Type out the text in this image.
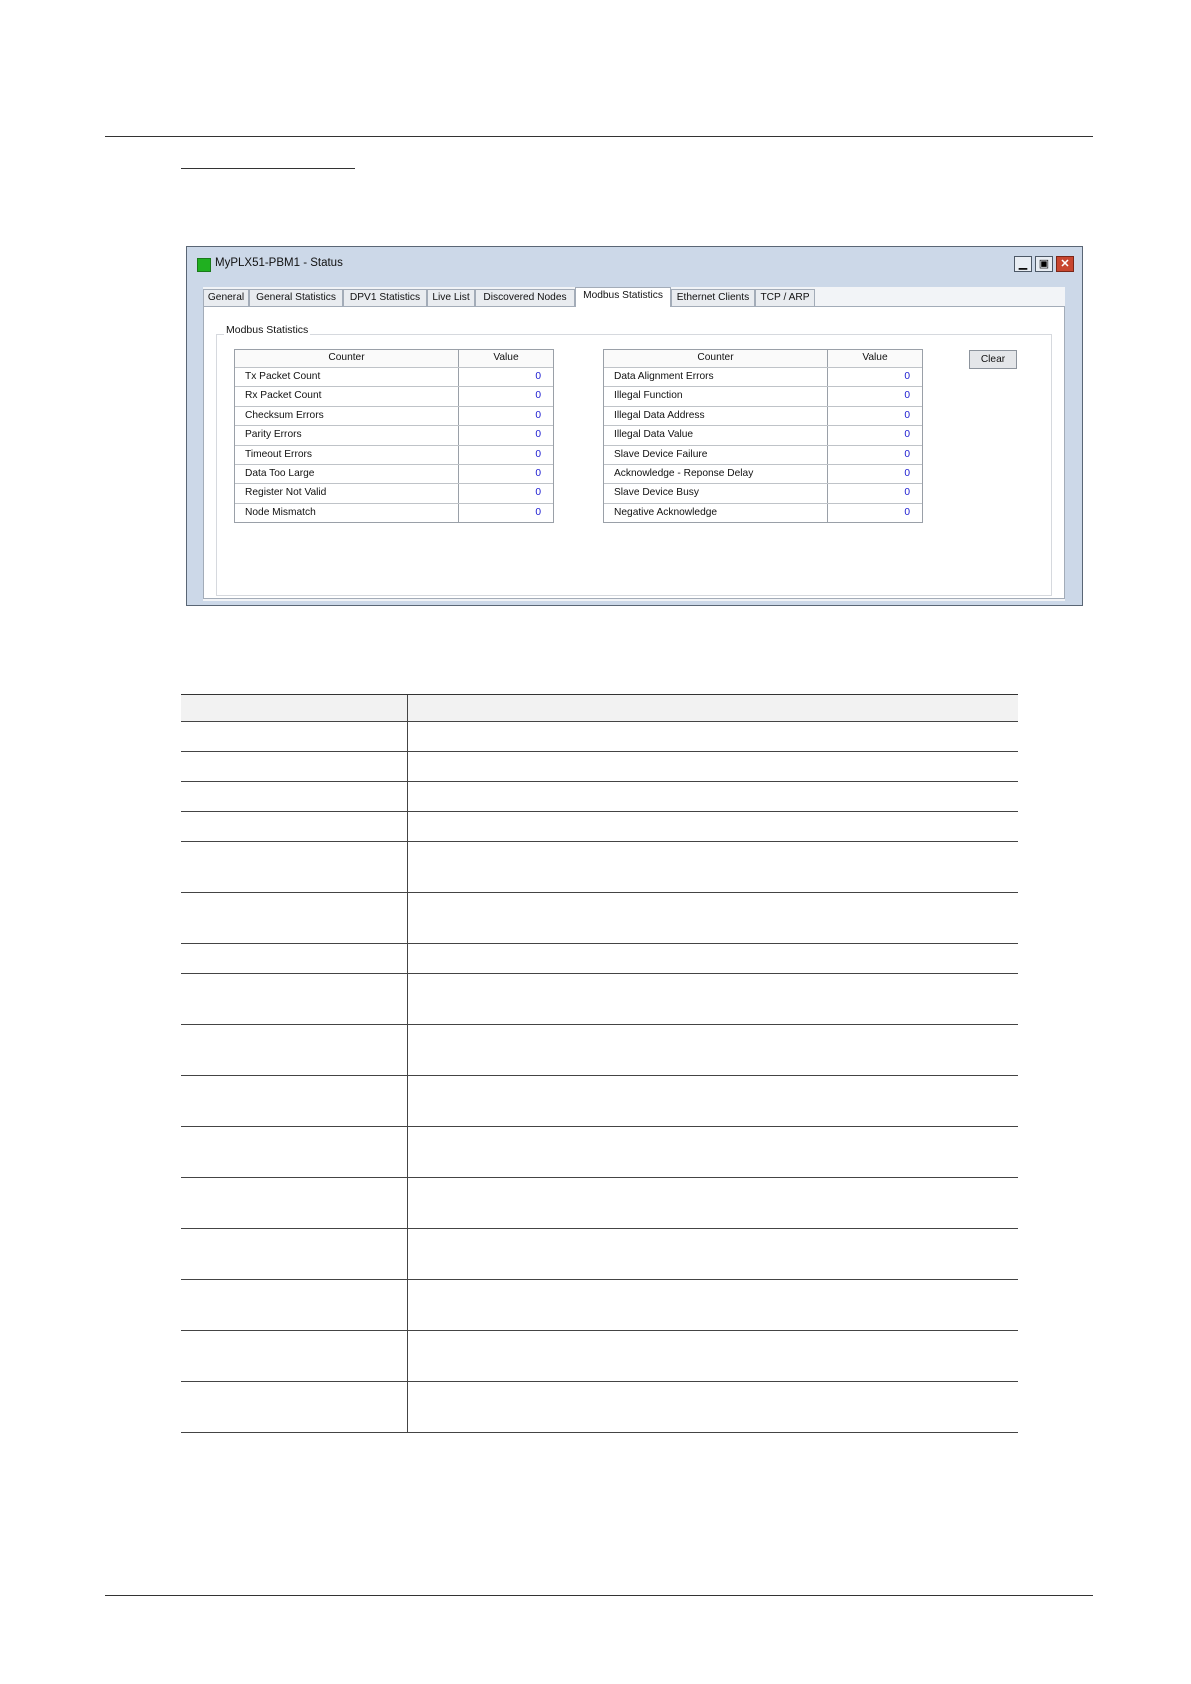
MyPLX51-PBM1 - Status	▁	▣	✕
General	General Statistics	DPV1 Statistics	Live List	Discovered Nodes	Modbus Statistics	Ethernet Clients	TCP / ARP
Modbus Statistics
Counter	Value
Tx Packet Count	0
Rx Packet Count	0
Checksum Errors	0
Parity Errors	0
Timeout Errors	0
Data Too Large	0
Register Not Valid	0
Node Mismatch	0
Counter	Value
Data Alignment Errors	0
Illegal Function	0
Illegal Data Address	0
Illegal Data Value	0
Slave Device Failure	0
Acknowledge - Reponse Delay	0
Slave Device Busy	0
Negative Acknowledge	0
Clear
